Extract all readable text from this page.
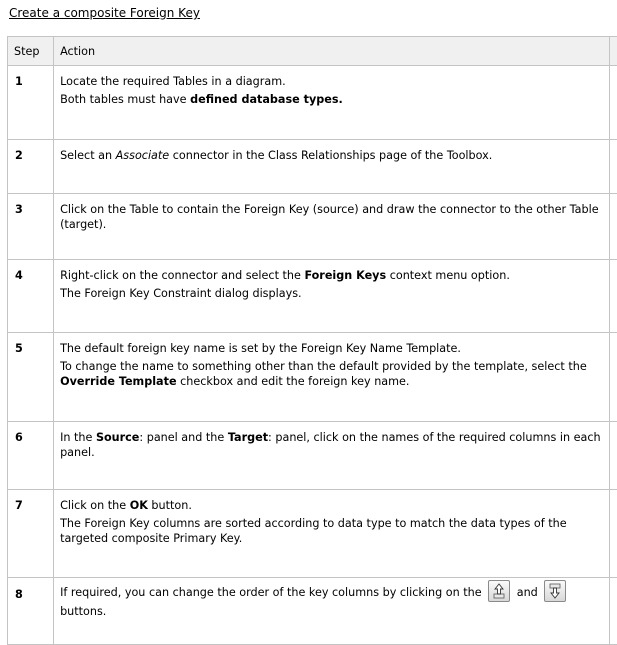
Create a composite Foreign Key
Step	Action	
1	Locate the required Tables in a diagram.

Both tables must have defined database types.	

2	Select an Associate connector in the Class Relationships page of the Toolbox.	

3	Click on the Table to contain the Foreign Key (source) and draw the connector to the other Table (target).	

4	Right-click on the connector and select the Foreign Keys context menu option.

The Foreign Key Constraint dialog displays.	

5	The default foreign key name is set by the Foreign Key Name Template.

To change the name to something other than the default provided by the template, select the Override Template checkbox and edit the foreign key name.	

6	In the Source: panel and the Target: panel, click on the names of the required columns in each panel.	

7	Click on the OK button.

The Foreign Key columns are sorted according to data type to match the data types of the targeted composite Primary Key.	

8	If required, you can change the order of the key columns by clicking on the and
buttons.	
